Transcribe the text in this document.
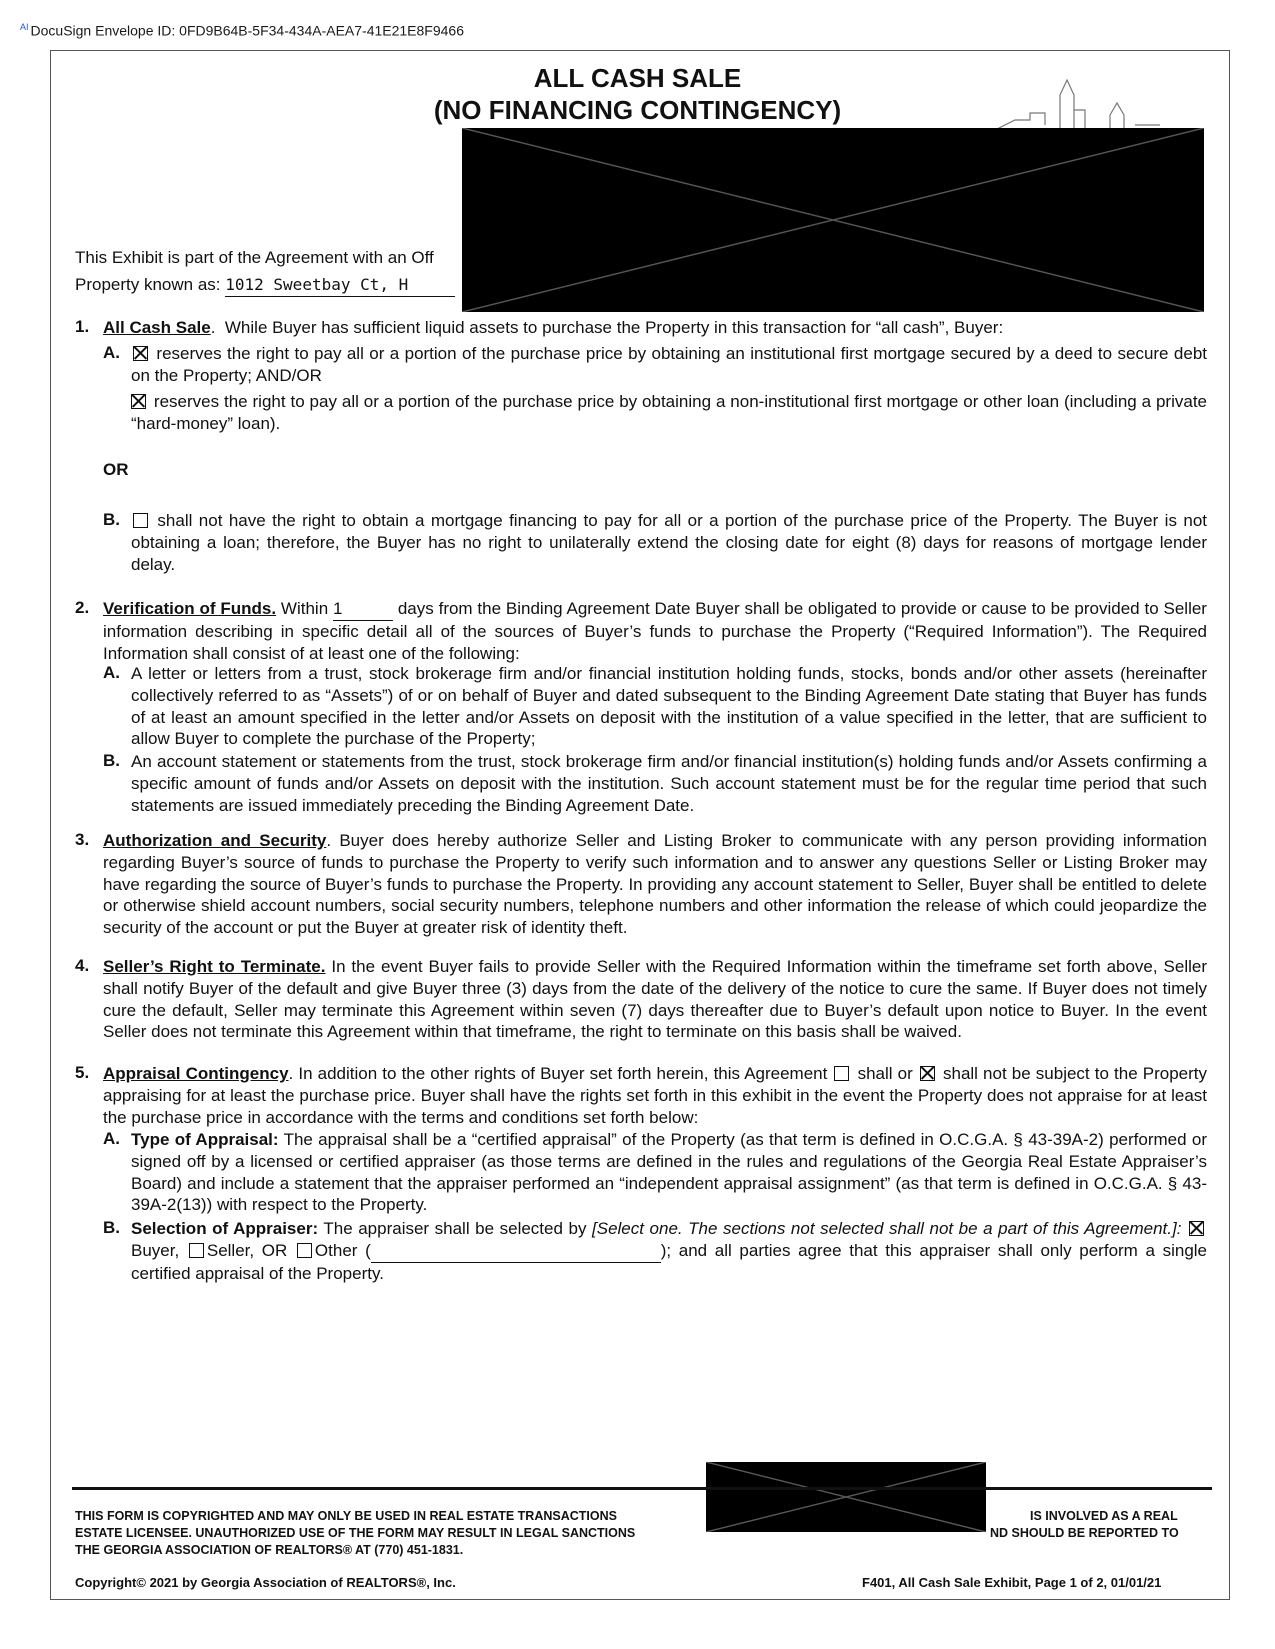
$^{AI}$ DocuSign Envelope ID: 0FD9B64B-5F34-434A-AEA7-41E21E8F9466
ALL CASH SALE
(NO FINANCING CONTINGENCY)
This Exhibit is part of the Agreement with an Off
Property known as: 1012 Sweetbay Ct, H
1. All Cash Sale.  While Buyer has sufficient liquid assets to purchase the Property in this transaction for “all cash”, Buyer:
A.	reserves the right to pay all or a portion of the purchase price by obtaining an institutional first mortgage secured by a deed to secure debt on the Property; AND/OR
reserves the right to pay all or a portion of the purchase price by obtaining a non-institutional first mortgage or other loan (including a private “hard-money” loan).
OR
B.	shall not have the right to obtain a mortgage financing to pay for all or a portion of the purchase price of the Property. The Buyer is not obtaining a loan; therefore, the Buyer has no right to unilaterally extend the closing date for eight (8) days for reasons of mortgage lender delay.
2. Verification of Funds. Within 1	days from the Binding Agreement Date Buyer shall be obligated to provide or cause to be provided to Seller information describing in specific detail all of the sources of Buyer’s funds to purchase the Property (“Required Information”). The Required Information shall consist of at least one of the following:
A. A letter or letters from a trust, stock brokerage firm and/or financial institution holding funds, stocks, bonds and/or other assets (hereinafter collectively referred to as “Assets”) of or on behalf of Buyer and dated subsequent to the Binding Agreement Date stating that Buyer has funds of at least an amount specified in the letter and/or Assets on deposit with the institution of a value specified in the letter, that are sufficient to allow Buyer to complete the purchase of the Property;
B. An account statement or statements from the trust, stock brokerage firm and/or financial institution(s) holding funds and/or Assets confirming a specific amount of funds and/or Assets on deposit with the institution. Such account statement must be for the regular time period that such statements are issued immediately preceding the Binding Agreement Date.
3. Authorization and Security. Buyer does hereby authorize Seller and Listing Broker to communicate with any person providing information regarding Buyer’s source of funds to purchase the Property to verify such information and to answer any questions Seller or Listing Broker may have regarding the source of Buyer’s funds to purchase the Property. In providing any account statement to Seller, Buyer shall be entitled to delete or otherwise shield account numbers, social security numbers, telephone numbers and other information the release of which could jeopardize the security of the account or put the Buyer at greater risk of identity theft.
4. Seller’s Right to Terminate. In the event Buyer fails to provide Seller with the Required Information within the timeframe set forth above, Seller shall notify Buyer of the default and give Buyer three (3) days from the date of the delivery of the notice to cure the same. If Buyer does not timely cure the default, Seller may terminate this Agreement within seven (7) days thereafter due to Buyer’s default upon notice to Buyer. In the event Seller does not terminate this Agreement within that timeframe, the right to terminate on this basis shall be waived.
5. Appraisal Contingency. In addition to the other rights of Buyer set forth herein, this Agreement shall or shall not be subject to the Property appraising for at least the purchase price. Buyer shall have the rights set forth in this exhibit in the event the Property does not appraise for at least the purchase price in accordance with the terms and conditions set forth below:
A. Type of Appraisal: The appraisal shall be a “certified appraisal” of the Property (as that term is defined in O.C.G.A. § 43-39A-2) performed or signed off by a licensed or certified appraiser (as those terms are defined in the rules and regulations of the Georgia Real Estate Appraiser’s Board) and include a statement that the appraiser performed an “independent appraisal assignment” (as that term is defined in O.C.G.A. § 43-39A-2(13)) with respect to the Property.
B. Selection of Appraiser: The appraiser shall be selected by [Select one. The sections not selected shall not be a part of this Agreement.]: Buyer, Seller, OR Other (	); and all parties agree that this appraiser shall only perform a single certified appraisal of the Property.
THIS FORM IS COPYRIGHTED AND MAY ONLY BE USED IN REAL ESTATE TRANSACTIONS	IS INVOLVED AS A REAL
ESTATE LICENSEE. UNAUTHORIZED USE OF THE FORM MAY RESULT IN LEGAL SANCTIONS	ND SHOULD BE REPORTED TO
THE GEORGIA ASSOCIATION OF REALTORS® AT (770) 451-1831.
Copyright© 2021 by Georgia Association of REALTORS®, Inc.	F401, All Cash Sale Exhibit, Page 1 of 2, 01/01/21
